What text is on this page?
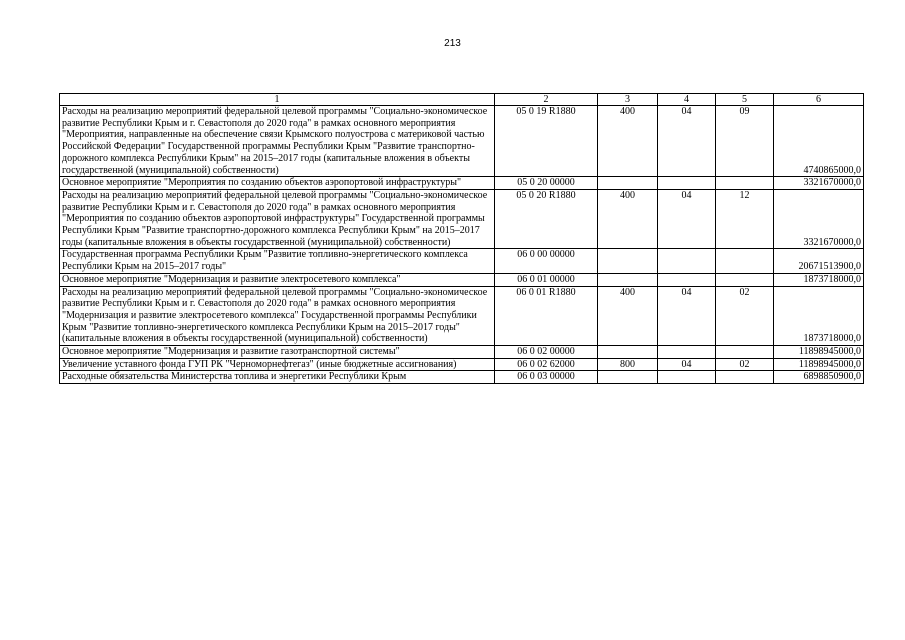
213
1	2	3	4	5	6
Расходы на реализацию мероприятий федеральной целевой программы "Социально-экономическое развитие Республики Крым и г. Севастополя до 2020 года" в рамках основного мероприятия "Мероприятия, направленные на обеспечение связи Крымского полуострова с материковой частью Российской Федерации" Государственной программы Республики Крым "Развитие транспортно-дорожного комплекса Республики Крым" на 2015–2017 годы (капитальные вложения в объекты государственной (муниципальной) собственности)	05 0 19 R1880	400	04	09	4740865000,0
Основное мероприятие "Мероприятия по созданию объектов аэропортовой инфраструктуры"	05 0 20 00000				3321670000,0
Расходы на реализацию мероприятий федеральной целевой программы "Социально-экономическое развитие Республики Крым и г. Севастополя до 2020 года" в рамках основного мероприятия "Мероприятия по созданию объектов аэропортовой инфраструктуры" Государственной программы Республики Крым "Развитие транспортно-дорожного комплекса Республики Крым" на 2015–2017 годы (капитальные вложения в объекты государственной (муниципальной) собственности)	05 0 20 R1880	400	04	12	3321670000,0
Государственная программа Республики Крым "Развитие топливно-энергетического комплекса Республики Крым на 2015–2017 годы"	06 0 00 00000				20671513900,0
Основное мероприятие "Модернизация и развитие электросетевого комплекса"	06 0 01 00000				1873718000,0
Расходы на реализацию мероприятий федеральной целевой программы "Социально-экономическое развитие Республики Крым и г. Севастополя до 2020 года" в рамках основного мероприятия "Модернизация и развитие электросетевого комплекса" Государственной программы Республики Крым "Развитие топливно-энергетического комплекса Республики Крым на 2015–2017 годы" (капитальные вложения в объекты государственной (муниципальной) собственности)	06 0 01 R1880	400	04	02	1873718000,0
Основное мероприятие "Модернизация и развитие газотранспортной системы"	06 0 02 00000				11898945000,0
Увеличение уставного фонда ГУП РК "Черноморнефтегаз" (иные бюджетные ассигнования)	06 0 02 62000	800	04	02	11898945000,0
Расходные обязательства Министерства топлива и энергетики Республики Крым	06 0 03 00000				6898850900,0
